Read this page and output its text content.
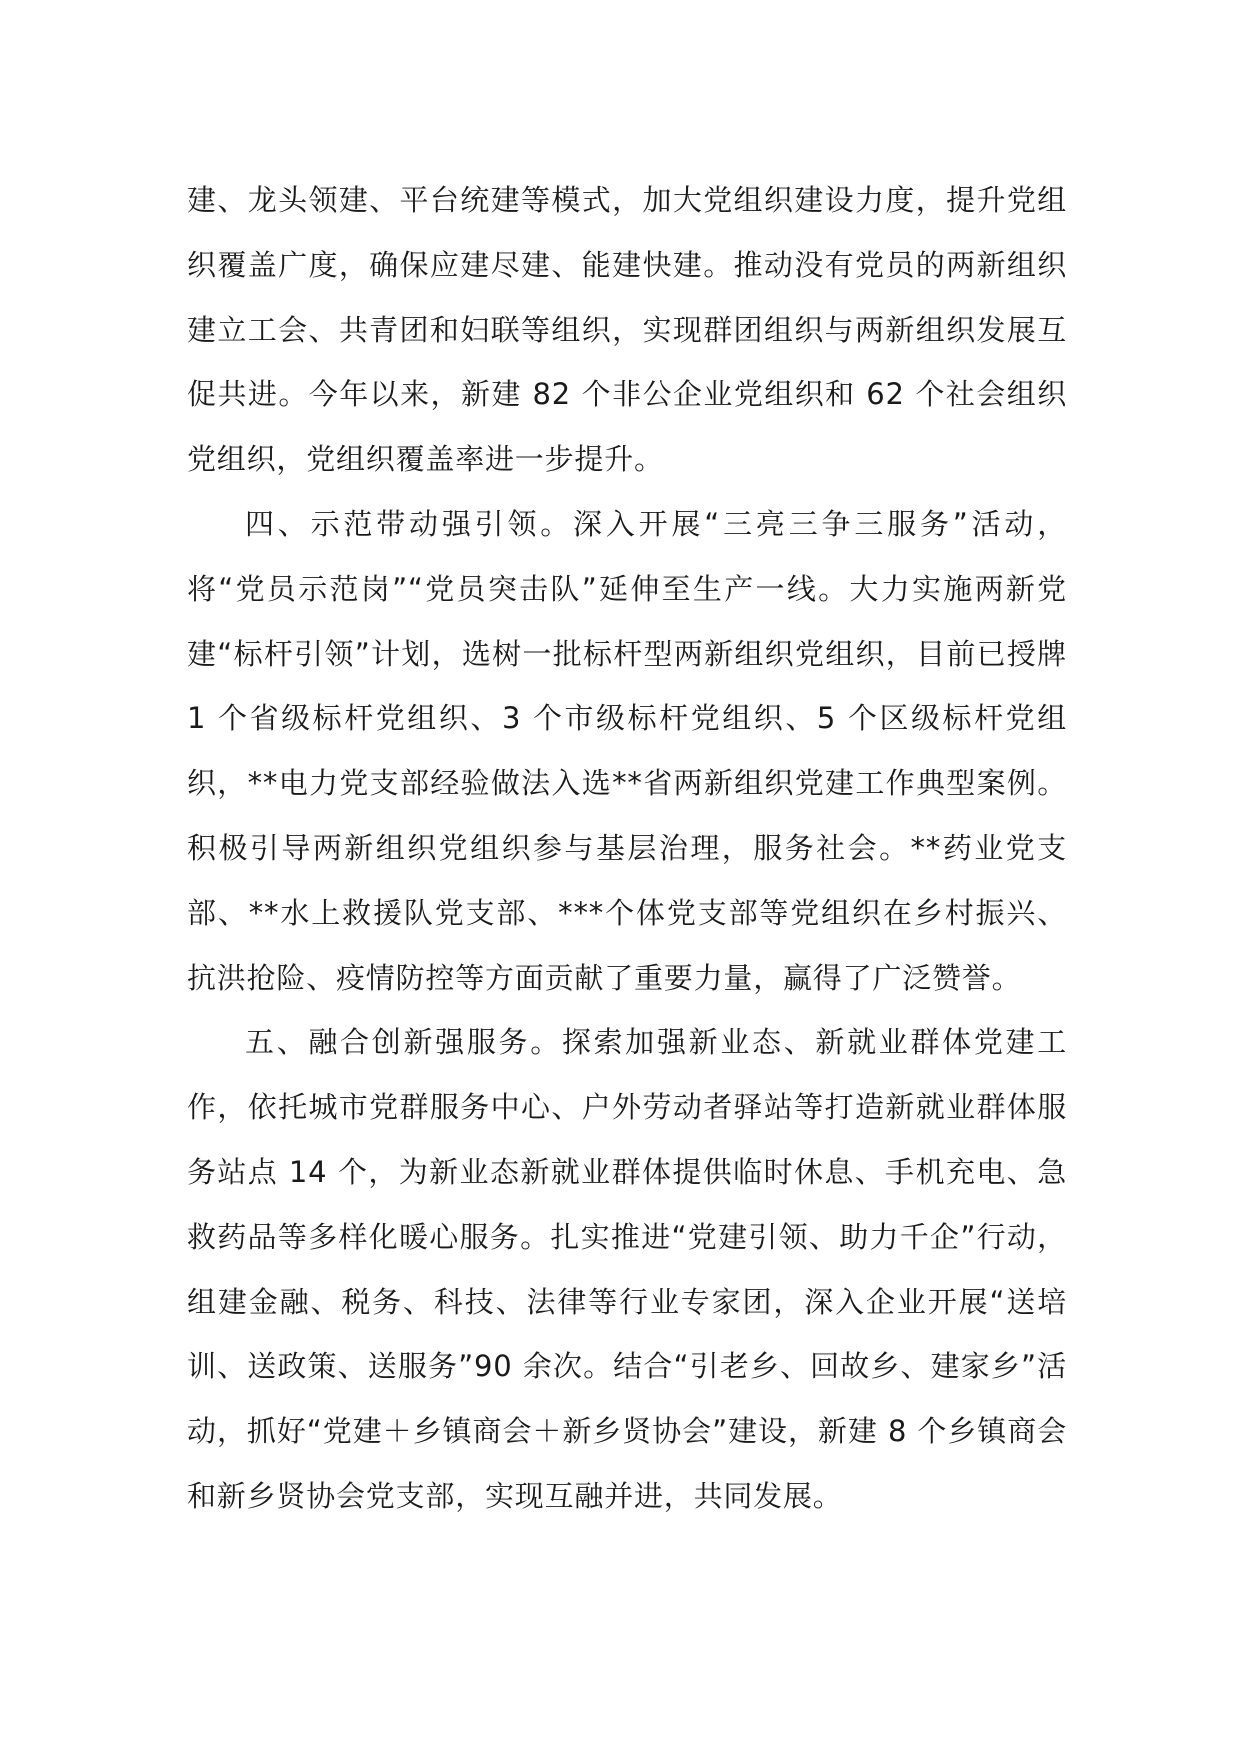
建、龙头领建、平台统建等模式，加大党组织建设力度，提升党组织覆盖广度，确保应建尽建、能建快建。推动没有党员的两新组织建立工会、共青团和妇联等组织，实现群团组织与两新组织发展互促共进。今年以来，新建 82 个非公企业党组织和 62 个社会组织党组织，党组织覆盖率进一步提升。

四、示范带动强引领。深入开展“三亮三争三服务”活动，将“党员示范岗”“党员突击队”延伸至生产一线。大力实施两新党建“标杆引领”计划，选树一批标杆型两新组织党组织，目前已授牌 1 个省级标杆党组织、3 个市级标杆党组织、5 个区级标杆党组织，**电力党支部经验做法入选**省两新组织党建工作典型案例。积极引导两新组织党组织参与基层治理，服务社会。**药业党支部、**水上救援队党支部、***个体党支部等党组织在乡村振兴、抗洪抢险、疫情防控等方面贡献了重要力量，赢得了广泛赞誉。

五、融合创新强服务。探索加强新业态、新就业群体党建工作，依托城市党群服务中心、户外劳动者驿站等打造新就业群体服务站点 14 个，为新业态新就业群体提供临时休息、手机充电、急救药品等多样化暖心服务。扎实推进“党建引领、助力千企”行动，组建金融、税务、科技、法律等行业专家团，深入企业开展“送培训、送政策、送服务”90 余次。结合“引老乡、回故乡、建家乡”活动，抓好“党建＋乡镇商会＋新乡贤协会”建设，新建 8 个乡镇商会和新乡贤协会党支部，实现互融并进，共同发展。
